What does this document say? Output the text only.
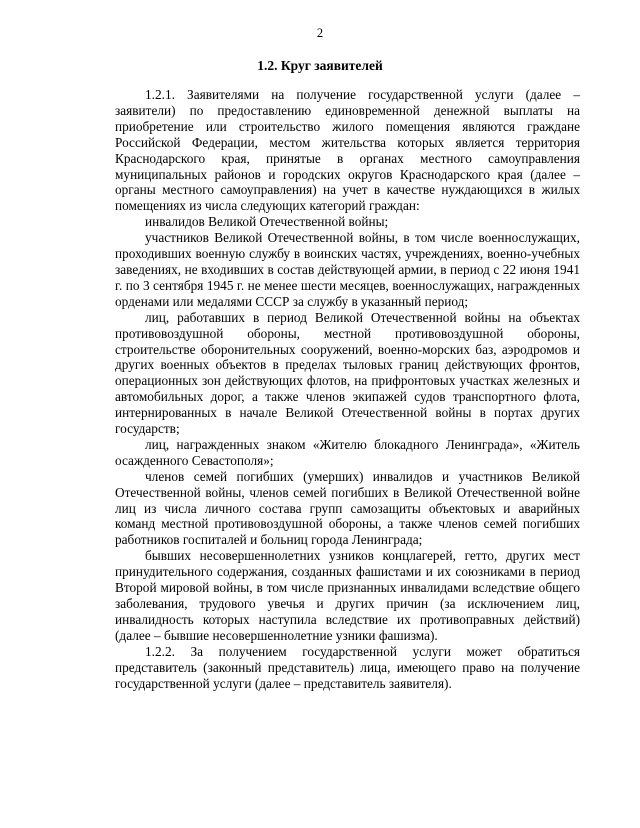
2
1.2. Круг заявителей

1.2.1. Заявителями на получение государственной услуги (далее – заявители) по предоставлению единовременной денежной выплаты на приобретение или строительство жилого помещения являются граждане Российской Федерации, местом жительства которых является территория Краснодарского края, принятые в органах местного самоуправления муниципальных районов и городских округов Краснодарского края (далее – органы местного самоуправления) на учет в качестве нуждающихся в жилых помещениях из числа следующих категорий граждан:

инвалидов Великой Отечественной войны;

участников Великой Отечественной войны, в том числе военнослужащих, проходивших военную службу в воинских частях, учреждениях, военно-учебных заведениях, не входивших в состав действующей армии, в период с 22 июня 1941 г. по 3 сентября 1945 г. не менее шести месяцев, военнослужащих, награжденных орденами или медалями СССР за службу в указанный период;

лиц, работавших в период Великой Отечественной войны на объектах противовоздушной обороны, местной противовоздушной обороны, строительстве оборонительных сооружений, военно-морских баз, аэродромов и других военных объектов в пределах тыловых границ действующих фронтов, операционных зон действующих флотов, на прифронтовых участках железных и автомобильных дорог, а также членов экипажей судов транспортного флота, интернированных в начале Великой Отечественной войны в портах других государств;

лиц, награжденных знаком «Жителю блокадного Ленинграда», «Житель осажденного Севастополя»;

членов семей погибших (умерших) инвалидов и участников Великой Отечественной войны, членов семей погибших в Великой Отечественной войне лиц из числа личного состава групп самозащиты объектовых и аварийных команд местной противовоздушной обороны, а также членов семей погибших работников госпиталей и больниц города Ленинграда;

бывших несовершеннолетних узников концлагерей, гетто, других мест принудительного содержания, созданных фашистами и их союзниками в период Второй мировой войны, в том числе признанных инвалидами вследствие общего заболевания, трудового увечья и других причин (за исключением лиц, инвалидность которых наступила вследствие их противоправных действий) (далее – бывшие несовершеннолетние узники фашизма).

1.2.2. За получением государственной услуги может обратиться представитель (законный представитель) лица, имеющего право на получение государственной услуги (далее – представитель заявителя).
